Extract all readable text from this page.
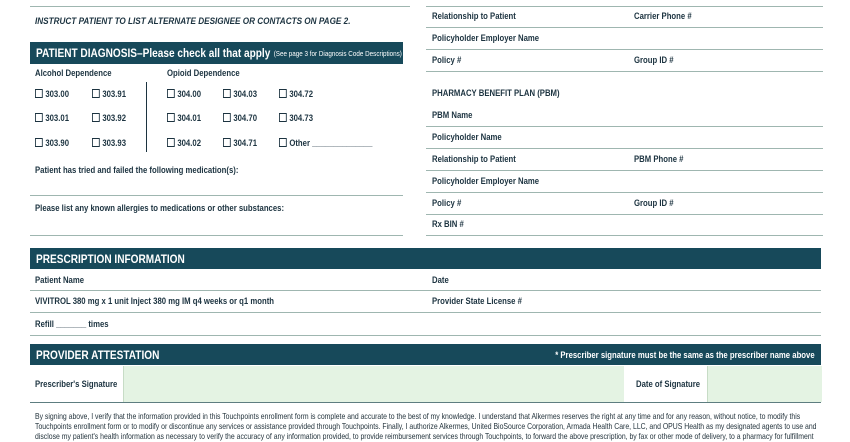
INSTRUCT PATIENT TO LIST ALTERNATE DESIGNEE OR CONTACTS ON PAGE 2.
PATIENT DIAGNOSIS–Please check all that apply (See page 3 for Diagnosis Code Descriptions)
Alcohol Dependence	Opioid Dependence
303.00	303.91
303.01	303.92
303.90	303.93
304.00	304.03	304.72
304.01	304.70	304.73
304.02	304.71	Other ______________
Patient has tried and failed the following medication(s):
Please list any known allergies to medications or other substances:
Relationship to Patient	Carrier Phone #
Policyholder Employer Name
Policy #	Group ID #
PHARMACY BENEFIT PLAN (PBM)
PBM Name
Policyholder Name
Relationship to Patient	PBM Phone #
Policyholder Employer Name
Policy #	Group ID #
Rx BIN #
PRESCRIPTION INFORMATION
Patient Name	Date
VIVITROL 380 mg x 1 unit Inject 380 mg IM q4 weeks or q1 month	Provider State License #
Refill _______ times
PROVIDER ATTESTATION	* Prescriber signature must be the same as the prescriber name above
Prescriber's Signature	Date of Signature
By signing above, I verify that the information provided in this Touchpoints enrollment form is complete and accurate to the best of my knowledge. I understand that Alkermes reserves the right at any time and for any reason, without notice, to modify this
Touchpoints enrollment form or to modify or discontinue any services or assistance provided through Touchpoints. Finally, I authorize Alkermes, United BioSource Corporation, Armada Health Care, LLC, and OPUS Health as my designated agents to use and
disclose my patient's health information as necessary to verify the accuracy of any information provided, to provide reimbursement services through Touchpoints, to forward the above prescription, by fax or other mode of delivery, to a pharmacy for fulfillment
